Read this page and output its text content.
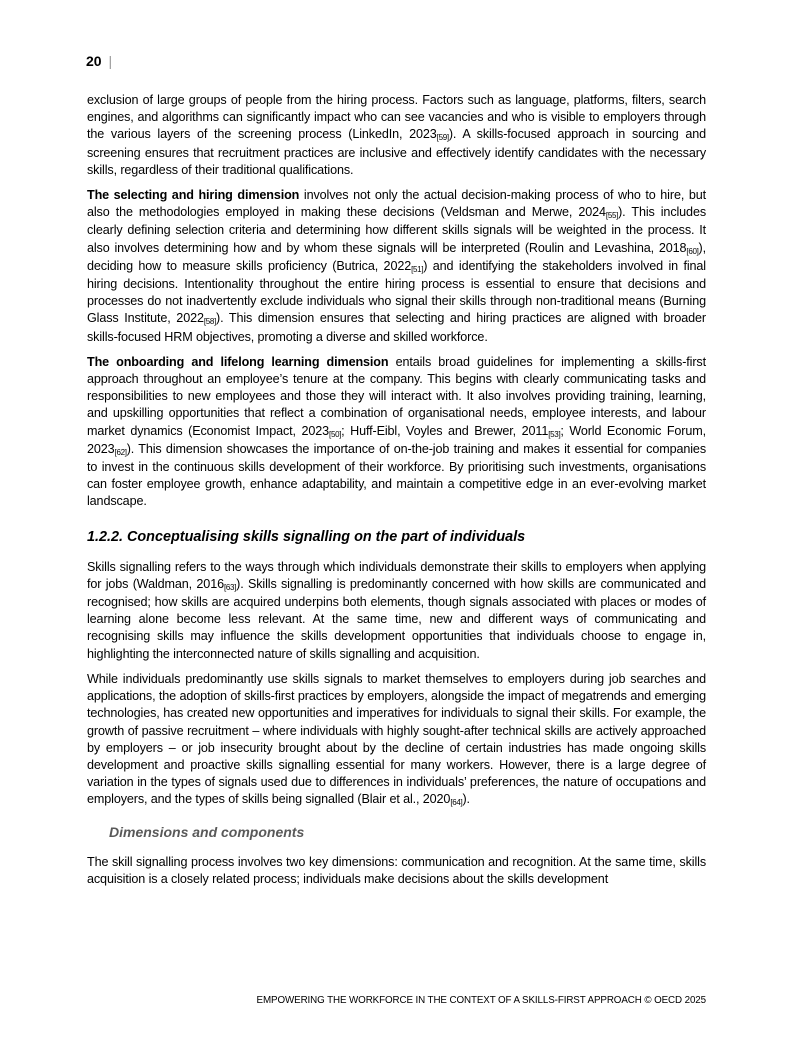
20 |

exclusion of large groups of people from the hiring process. Factors such as language, platforms, filters, search engines, and algorithms can significantly impact who can see vacancies and who is visible to employers through the various layers of the screening process (LinkedIn, 2023[59]). A skills-focused approach in sourcing and screening ensures that recruitment practices are inclusive and effectively identify candidates with the necessary skills, regardless of their traditional qualifications.

The selecting and hiring dimension involves not only the actual decision-making process of who to hire, but also the methodologies employed in making these decisions (Veldsman and Merwe, 2024[55]). This includes clearly defining selection criteria and determining how different skills signals will be weighted in the process. It also involves determining how and by whom these signals will be interpreted (Roulin and Levashina, 2018[60]), deciding how to measure skills proficiency (Butrica, 2022[51]) and identifying the stakeholders involved in final hiring decisions. Intentionality throughout the entire hiring process is essential to ensure that decisions and processes do not inadvertently exclude individuals who signal their skills through non-traditional means (Burning Glass Institute, 2022[58]). This dimension ensures that selecting and hiring practices are aligned with broader skills-focused HRM objectives, promoting a diverse and skilled workforce.

The onboarding and lifelong learning dimension entails broad guidelines for implementing a skills-first approach throughout an employee’s tenure at the company. This begins with clearly communicating tasks and responsibilities to new employees and those they will interact with. It also involves providing training, learning, and upskilling opportunities that reflect a combination of organisational needs, employee interests, and labour market dynamics (Economist Impact, 2023[50]; Huff-Eibl, Voyles and Brewer, 2011[53]; World Economic Forum, 2023[62]). This dimension showcases the importance of on-the-job training and makes it essential for companies to invest in the continuous skills development of their workforce. By prioritising such investments, organisations can foster employee growth, enhance adaptability, and maintain a competitive edge in an ever-evolving market landscape.

1.2.2. Conceptualising skills signalling on the part of individuals

Skills signalling refers to the ways through which individuals demonstrate their skills to employers when applying for jobs (Waldman, 2016[63]). Skills signalling is predominantly concerned with how skills are communicated and recognised; how skills are acquired underpins both elements, though signals associated with places or modes of learning alone become less relevant. At the same time, new and different ways of communicating and recognising skills may influence the skills development opportunities that individuals choose to engage in, highlighting the interconnected nature of skills signalling and acquisition.

While individuals predominantly use skills signals to market themselves to employers during job searches and applications, the adoption of skills-first practices by employers, alongside the impact of megatrends and emerging technologies, has created new opportunities and imperatives for individuals to signal their skills. For example, the growth of passive recruitment – where individuals with highly sought-after technical skills are actively approached by employers – or job insecurity brought about by the decline of certain industries has made ongoing skills development and proactive skills signalling essential for many workers. However, there is a large degree of variation in the types of signals used due to differences in individuals’ preferences, the nature of occupations and employers, and the types of skills being signalled (Blair et al., 2020[64]).

Dimensions and components

The skill signalling process involves two key dimensions: communication and recognition. At the same time, skills acquisition is a closely related process; individuals make decisions about the skills development

EMPOWERING THE WORKFORCE IN THE CONTEXT OF A SKILLS-FIRST APPROACH © OECD 2025
